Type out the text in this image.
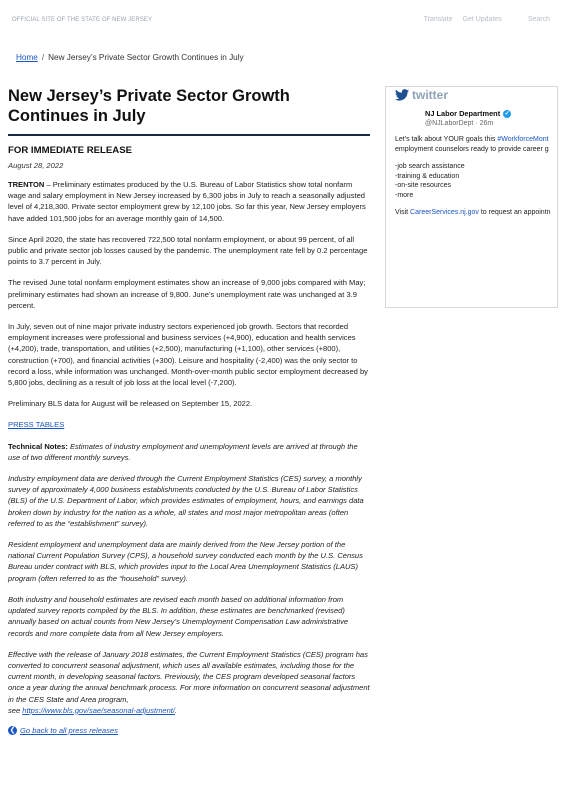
OFFICIAL SITE OF THE STATE OF NEW JERSEY	Translate Get Updates	Search
Home / New Jersey’s Private Sector Growth Continues in July
New Jersey’s Private Sector Growth Continues in July
FOR IMMEDIATE RELEASE
August 28, 2022

TRENTON – Preliminary estimates produced by the U.S. Bureau of Labor Statistics show total nonfarm wage and salary employment in New Jersey increased by 6,300 jobs in July to reach a seasonally adjusted level of 4,218,300. Private sector employment grew by 12,100 jobs. So far this year, New Jersey employers have added 101,500 jobs for an average monthly gain of 14,500.

Since April 2020, the state has recovered 722,500 total nonfarm employment, or about 99 percent, of all public and private sector job losses caused by the pandemic. The unemployment rate fell by 0.2 percentage points to 3.7 percent in July.

The revised June total nonfarm employment estimates show an increase of 9,000 jobs compared with May; preliminary estimates had shown an increase of 9,800. June’s unemployment rate was unchanged at 3.9 percent.

In July, seven out of nine major private industry sectors experienced job growth. Sectors that recorded employment increases were professional and business services (+4,900), education and health services (+4,200), trade, transportation, and utilities (+2,500), manufacturing (+1,100), other services (+800), construction (+700), and financial activities (+300). Leisure and hospitality (-2,400) was the only sector to record a loss, while information was unchanged. Month-over-month public sector employment decreased by 5,800 jobs, declining as a result of job loss at the local level (-7,200).

Preliminary BLS data for August will be released on September 15, 2022.

PRESS TABLES

Technical Notes: Estimates of industry employment and unemployment levels are arrived at through the use of two different monthly surveys.

Industry employment data are derived through the Current Employment Statistics (CES) survey, a monthly survey of approximately 4,000 business establishments conducted by the U.S. Bureau of Labor Statistics (BLS) of the U.S. Department of Labor, which provides estimates of employment, hours, and earnings data broken down by industry for the nation as a whole, all states and most major metropolitan areas (often referred to as the “establishment” survey).

Resident employment and unemployment data are mainly derived from the New Jersey portion of the national Current Population Survey (CPS), a household survey conducted each month by the U.S. Census Bureau under contract with BLS, which provides input to the Local Area Unemployment Statistics (LAUS) program (often referred to as the “household” survey).

Both industry and household estimates are revised each month based on additional information from updated survey reports compiled by the BLS. In addition, these estimates are benchmarked (revised) annually based on actual counts from New Jersey’s Unemployment Compensation Law administrative records and more complete data from all New Jersey employers.

Effective with the release of January 2018 estimates, the Current Employment Statistics (CES) program has converted to concurrent seasonal adjustment, which uses all available estimates, including those for the current month, in developing seasonal factors. Previously, the CES program developed seasonal factors once a year during the annual benchmark process. For more information on concurrent seasonal adjustment in the CES State and Area program,
see https://www.bls.gov/sae/seasonal-adjustment/.

❮ Go back to all press releases
twitter
NJ Labor Department ✓
@NJLaborDept · 26m
Let's talk about YOUR goals this #WorkforceMont
employment counselors ready to provide career g
-job search assistance
-training & education
-on-site resources
-more
Visit CareerServices.nj.gov to request an appointn
